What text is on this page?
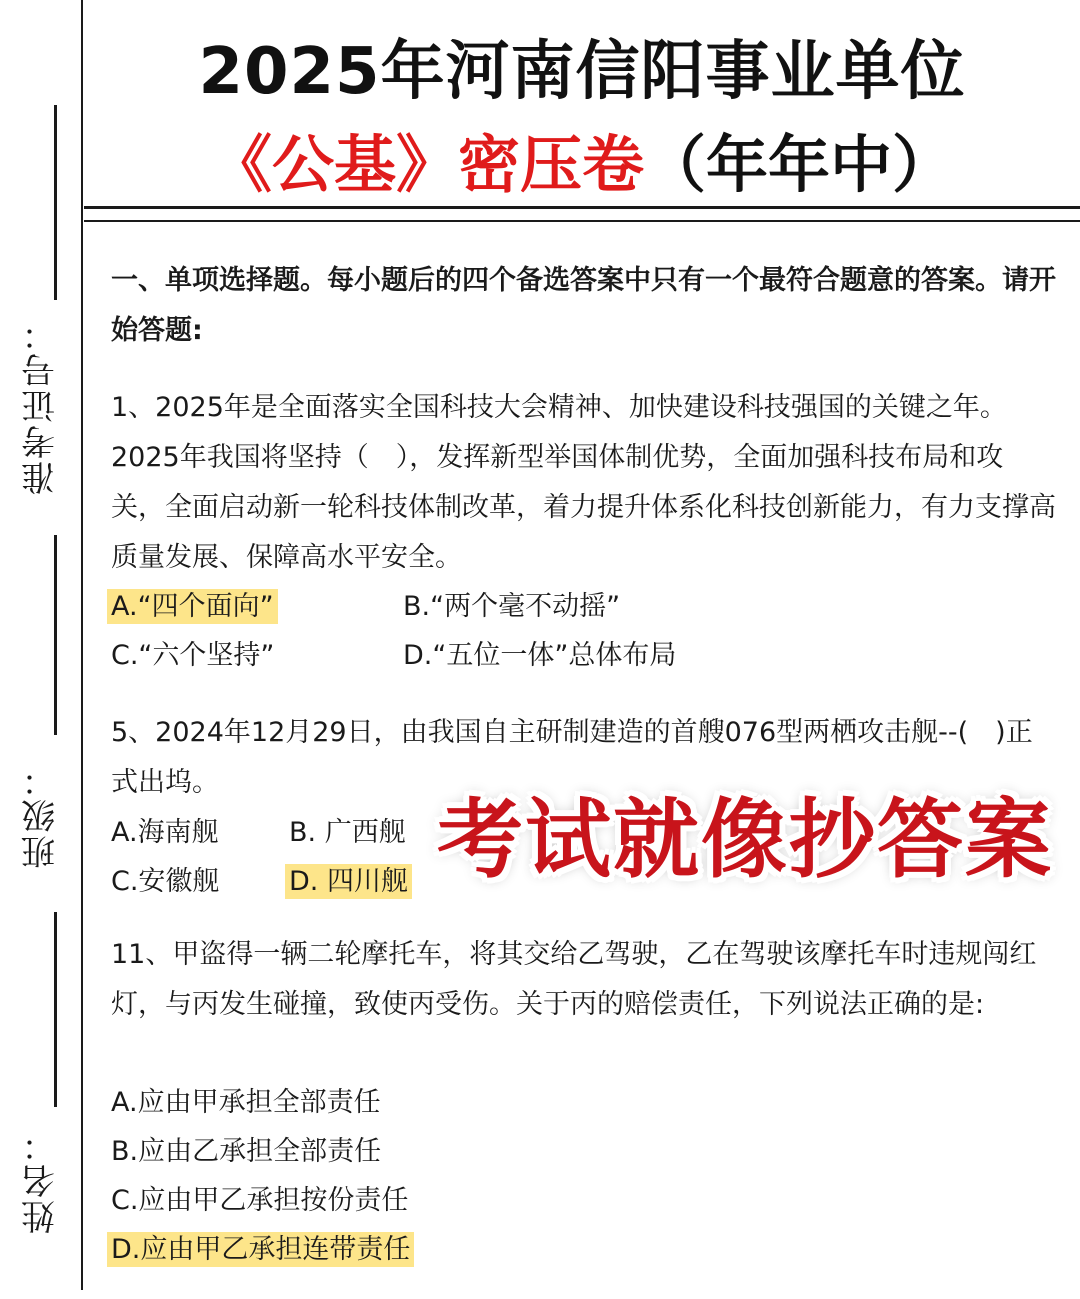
准考证号：
班级：
姓名：
2025年河南信阳事业单位
《公基》密压卷（年年中）
一、单项选择题。每小题后的四个备选答案中只有一个最符合题意的答案。请开始答题:
1、2025年是全面落实全国科技大会精神、加快建设科技强国的关键之年。2025年我国将坚持（　），发挥新型举国体制优势，全面加强科技布局和攻关，全面启动新一轮科技体制改革，着力提升体系化科技创新能力，有力支撑高质量发展、保障高水平安全。
A.“四个面向”	B.“两个毫不动摇”
C.“六个坚持”	D.“五位一体”总体布局
5、2024年12月29日，由我国自主研制建造的首艘076型两栖攻击舰--(　)正式出坞。
A.海南舰	B. 广西舰
C.安徽舰	D. 四川舰
11、甲盗得一辆二轮摩托车，将其交给乙驾驶，乙在驾驶该摩托车时违规闯红灯，与丙发生碰撞，致使丙受伤。关于丙的赔偿责任，下列说法正确的是:
A.应由甲承担全部责任
B.应由乙承担全部责任
C.应由甲乙承担按份责任
D.应由甲乙承担连带责任
考试就像抄答案
